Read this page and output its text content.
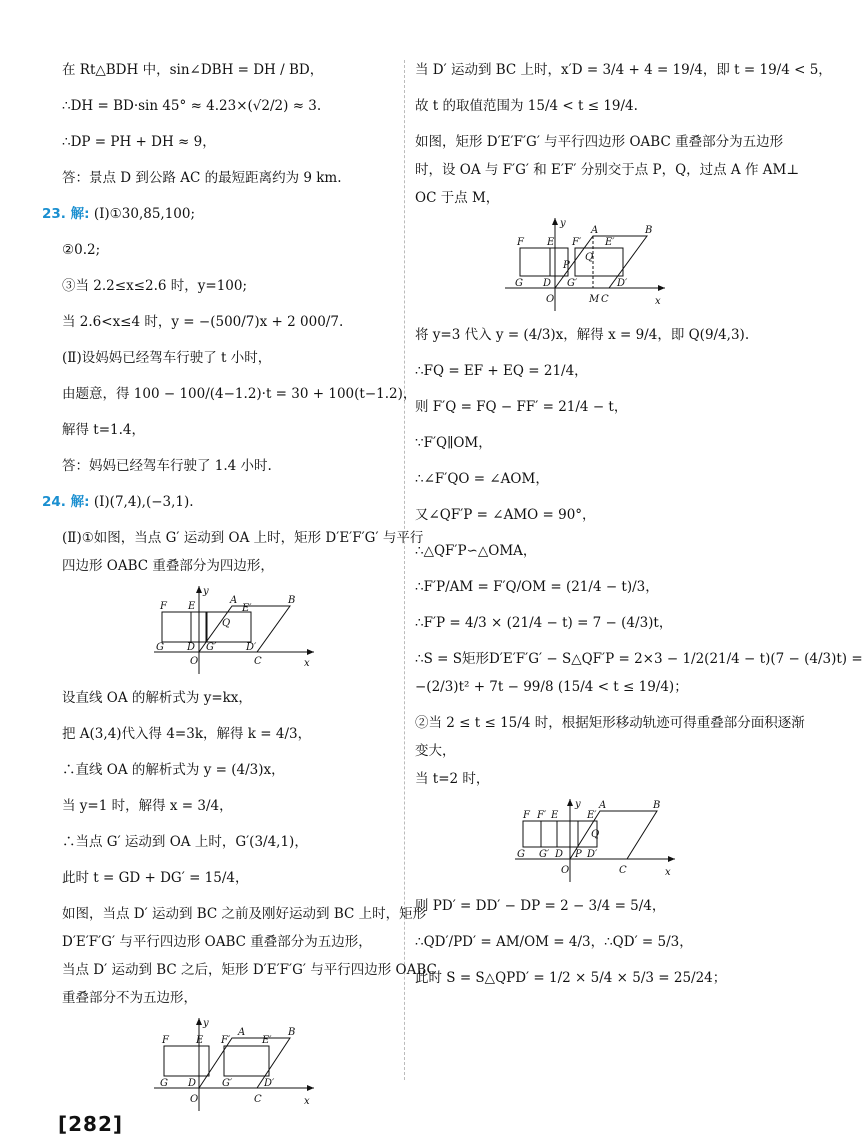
在 Rt△BDH 中，sin∠DBH = DH / BD，
∴DH = BD·sin 45° ≈ 4.23×(√2/2) ≈ 3.
∴DP = PH + DH ≈ 9，
答：景点 D 到公路 AC 的最短距离约为 9 km.
23. 解: (Ⅰ)①30,85,100;
②0.2;
③当 2.2≤x≤2.6 时，y=100;
当 2.6<x≤4 时，y = −(500/7)x + 2 000/7.
(Ⅱ)设妈妈已经驾车行驶了 t 小时，
由题意，得 100 − 100/(4−1.2)·t = 30 + 100(t−1.2)，
解得 t=1.4，
答：妈妈已经驾车行驶了 1.4 小时.
24. 解: (Ⅰ)(7,4),(−3,1).
(Ⅱ)①如图，当点 G′ 运动到 OA 上时，矩形 D′E′F′G′ 与平行
四边形 OABC 重叠部分为四边形，
y
A	B
F E	E′
Q
G D G′	D′
O	C	x
设直线 OA 的解析式为 y=kx，
把 A(3,4)代入得 4=3k，解得 k = 4/3，
∴直线 OA 的解析式为 y = (4/3)x，
当 y=1 时，解得 x = 3/4，
∴当点 G′ 运动到 OA 上时，G′(3/4,1)，
此时 t = GD + DG′ = 15/4，
如图，当点 D′ 运动到 BC 之前及刚好运动到 BC 上时，矩形
D′E′F′G′ 与平行四边形 OABC 重叠部分为五边形，
当点 D′ 运动到 BC 之后，矩形 D′E′F′G′ 与平行四边形 OABC
重叠部分不为五边形，
y
A	B
F	E F′	E′
G D	G′	D′
O	C	x
当 D′ 运动到 BC 上时，x′D = 3/4 + 4 = 19/4，即 t = 19/4 < 5，
故 t 的取值范围为 15/4 < t ≤ 19/4.
如图，矩形 D′E′F′G′ 与平行四边形 OABC 重叠部分为五边形
时，设 OA 与 F′G′ 和 E′F′ 分别交于点 P，Q，过点 A 作 AM⊥
OC 于点 M，
y
A	B
F E F′ E′
Q
P
G D G′	D′
O	M C	x
将 y=3 代入 y = (4/3)x，解得 x = 9/4，即 Q(9/4,3).
∴FQ = EF + EQ = 21/4，
则 F′Q = FQ − FF′ = 21/4 − t，
∵F′Q∥OM，
∴∠F′QO = ∠AOM，
又∠QF′P = ∠AMO = 90°，
∴△QF′P∽△OMA，
∴F′P/AM = F′Q/OM = (21/4 − t)/3，
∴F′P = 4/3 × (21/4 − t) = 7 − (4/3)t，
∴S = S矩形D′E′F′G′ − S△QF′P = 2×3 − 1/2(21/4 − t)(7 − (4/3)t) =
−(2/3)t² + 7t − 99/8 (15/4 < t ≤ 19/4)；
②当 2 ≤ t ≤ 15/4 时，根据矩形移动轨迹可得重叠部分面积逐渐
变大，
当 t=2 时，
y A	B
F F′ E	E′
Q
G G′ D P D′
O	C	x
则 PD′ = DD′ − DP = 2 − 3/4 = 5/4，
∴QD′/PD′ = AM/OM = 4/3，∴QD′ = 5/3，
此时 S = S△QPD′ = 1/2 × 5/4 × 5/3 = 25/24；
[282]
